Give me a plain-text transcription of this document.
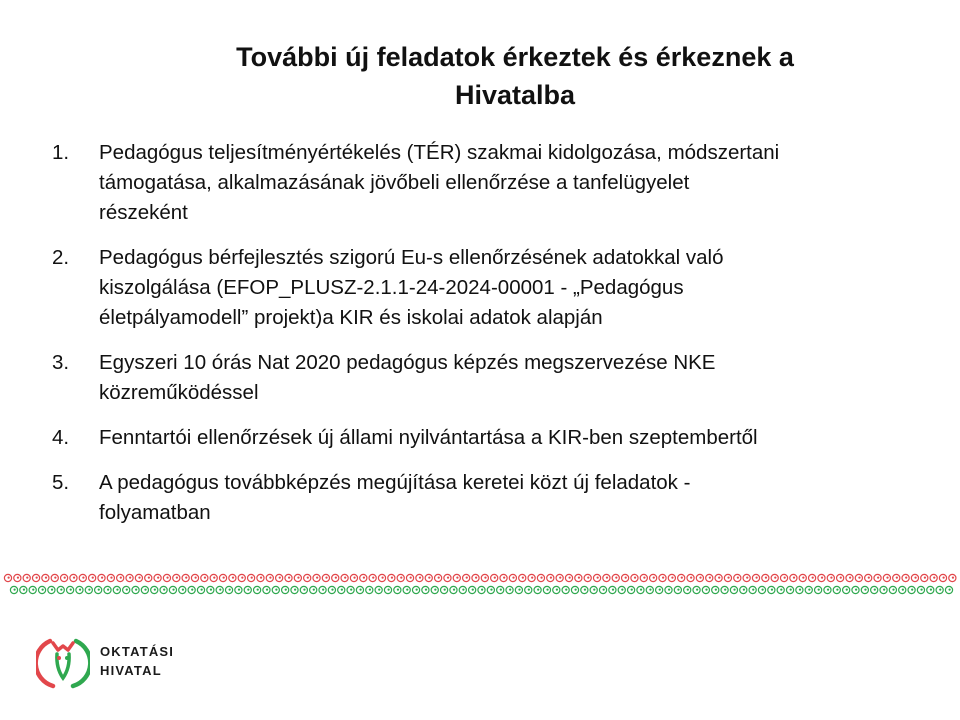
További új feladatok érkeztek és érkeznek a
Hivatalba
1. Pedagógus teljesítményértékelés (TÉR) szakmai kidolgozása, módszertani
támogatása, alkalmazásának jövőbeli ellenőrzése a tanfelügyelet
részeként
2. Pedagógus bérfejlesztés szigorú Eu-s ellenőrzésének adatokkal való
kiszolgálása (EFOP_PLUSZ-2.1.1-24-2024-00001 - „Pedagógus
életpályamodell” projekt)a KIR és iskolai adatok alapján
3. Egyszeri 10 órás Nat 2020 pedagógus képzés megszervezése NKE
közreműködéssel
4. Fenntartói ellenőrzések új állami nyilvántartása a KIR-ben szeptembertől
5. A pedagógus továbbképzés megújítása keretei közt új feladatok -
folyamatban
OKTATÁSI
HIVATAL
